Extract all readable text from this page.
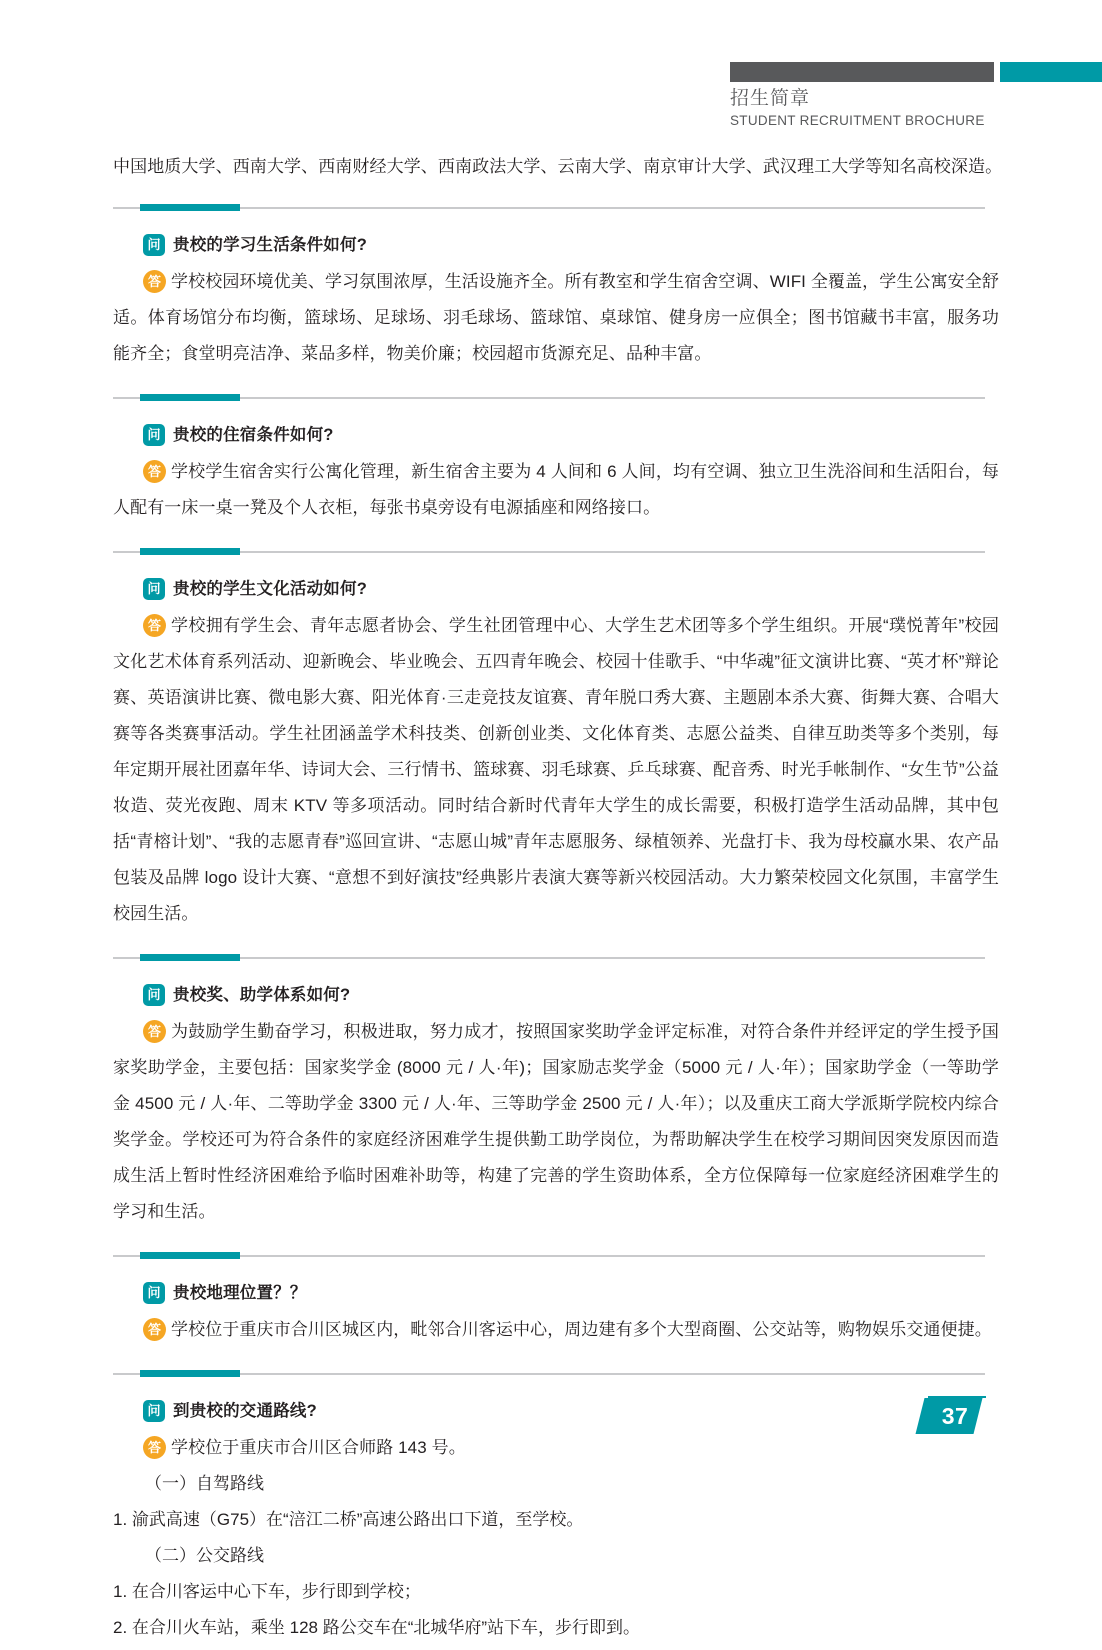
招生简章
STUDENT RECRUITMENT BROCHURE
中国地质大学、西南大学、西南财经大学、西南政法大学、云南大学、南京审计大学、武汉理工大学等知名高校深造。
问 贵校的学习生活条件如何?
答 学校校园环境优美、学习氛围浓厚，生活设施齐全。所有教室和学生宿舍空调、WIFI 全覆盖，学生公寓安全舒适。体育场馆分布均衡，篮球场、足球场、羽毛球场、篮球馆、桌球馆、健身房一应俱全；图书馆藏书丰富，服务功能齐全；食堂明亮洁净、菜品多样，物美价廉；校园超市货源充足、品种丰富。
问 贵校的住宿条件如何?
答 学校学生宿舍实行公寓化管理，新生宿舍主要为 4 人间和 6 人间，均有空调、独立卫生洗浴间和生活阳台，每人配有一床一桌一凳及个人衣柜，每张书桌旁设有电源插座和网络接口。
问 贵校的学生文化活动如何?
答 学校拥有学生会、青年志愿者协会、学生社团管理中心、大学生艺术团等多个学生组织。开展“璞悦菁年”校园文化艺术体育系列活动、迎新晚会、毕业晚会、五四青年晚会、校园十佳歌手、“中华魂”征文演讲比赛、“英才杯”辩论赛、英语演讲比赛、微电影大赛、阳光体育·三走竞技友谊赛、青年脱口秀大赛、主题剧本杀大赛、街舞大赛、合唱大赛等各类赛事活动。学生社团涵盖学术科技类、创新创业类、文化体育类、志愿公益类、自律互助类等多个类别，每年定期开展社团嘉年华、诗词大会、三行情书、篮球赛、羽毛球赛、乒乓球赛、配音秀、时光手帐制作、“女生节”公益妆造、荧光夜跑、周末 KTV 等多项活动。同时结合新时代青年大学生的成长需要，积极打造学生活动品牌，其中包括“青榕计划”、“我的志愿青春”巡回宣讲、“志愿山城”青年志愿服务、绿植领养、光盘打卡、我为母校赢水果、农产品包装及品牌 logo 设计大赛、“意想不到好演技”经典影片表演大赛等新兴校园活动。大力繁荣校园文化氛围，丰富学生校园生活。
问 贵校奖、助学体系如何?
答 为鼓励学生勤奋学习，积极进取，努力成才，按照国家奖助学金评定标准，对符合条件并经评定的学生授予国家奖助学金，主要包括：国家奖学金 (8000 元 / 人·年)；国家励志奖学金（5000 元 / 人·年）；国家助学金（一等助学金 4500 元 / 人·年、二等助学金 3300 元 / 人·年、三等助学金 2500 元 / 人·年）；以及重庆工商大学派斯学院校内综合奖学金。学校还可为符合条件的家庭经济困难学生提供勤工助学岗位，为帮助解决学生在校学习期间因突发原因而造成生活上暂时性经济困难给予临时困难补助等，构建了完善的学生资助体系，全方位保障每一位家庭经济困难学生的学习和生活。
问 贵校地理位置？？
答 学校位于重庆市合川区城区内，毗邻合川客运中心，周边建有多个大型商圈、公交站等，购物娱乐交通便捷。
问 到贵校的交通路线?
答 学校位于重庆市合川区合师路 143 号。
（一）自驾路线
1. 渝武高速（G75）在“涪江二桥”高速公路出口下道，至学校。
（二）公交路线
1. 在合川客运中心下车，步行即到学校；
2. 在合川火车站，乘坐 128 路公交车在“北城华府”站下车，步行即到。
37
